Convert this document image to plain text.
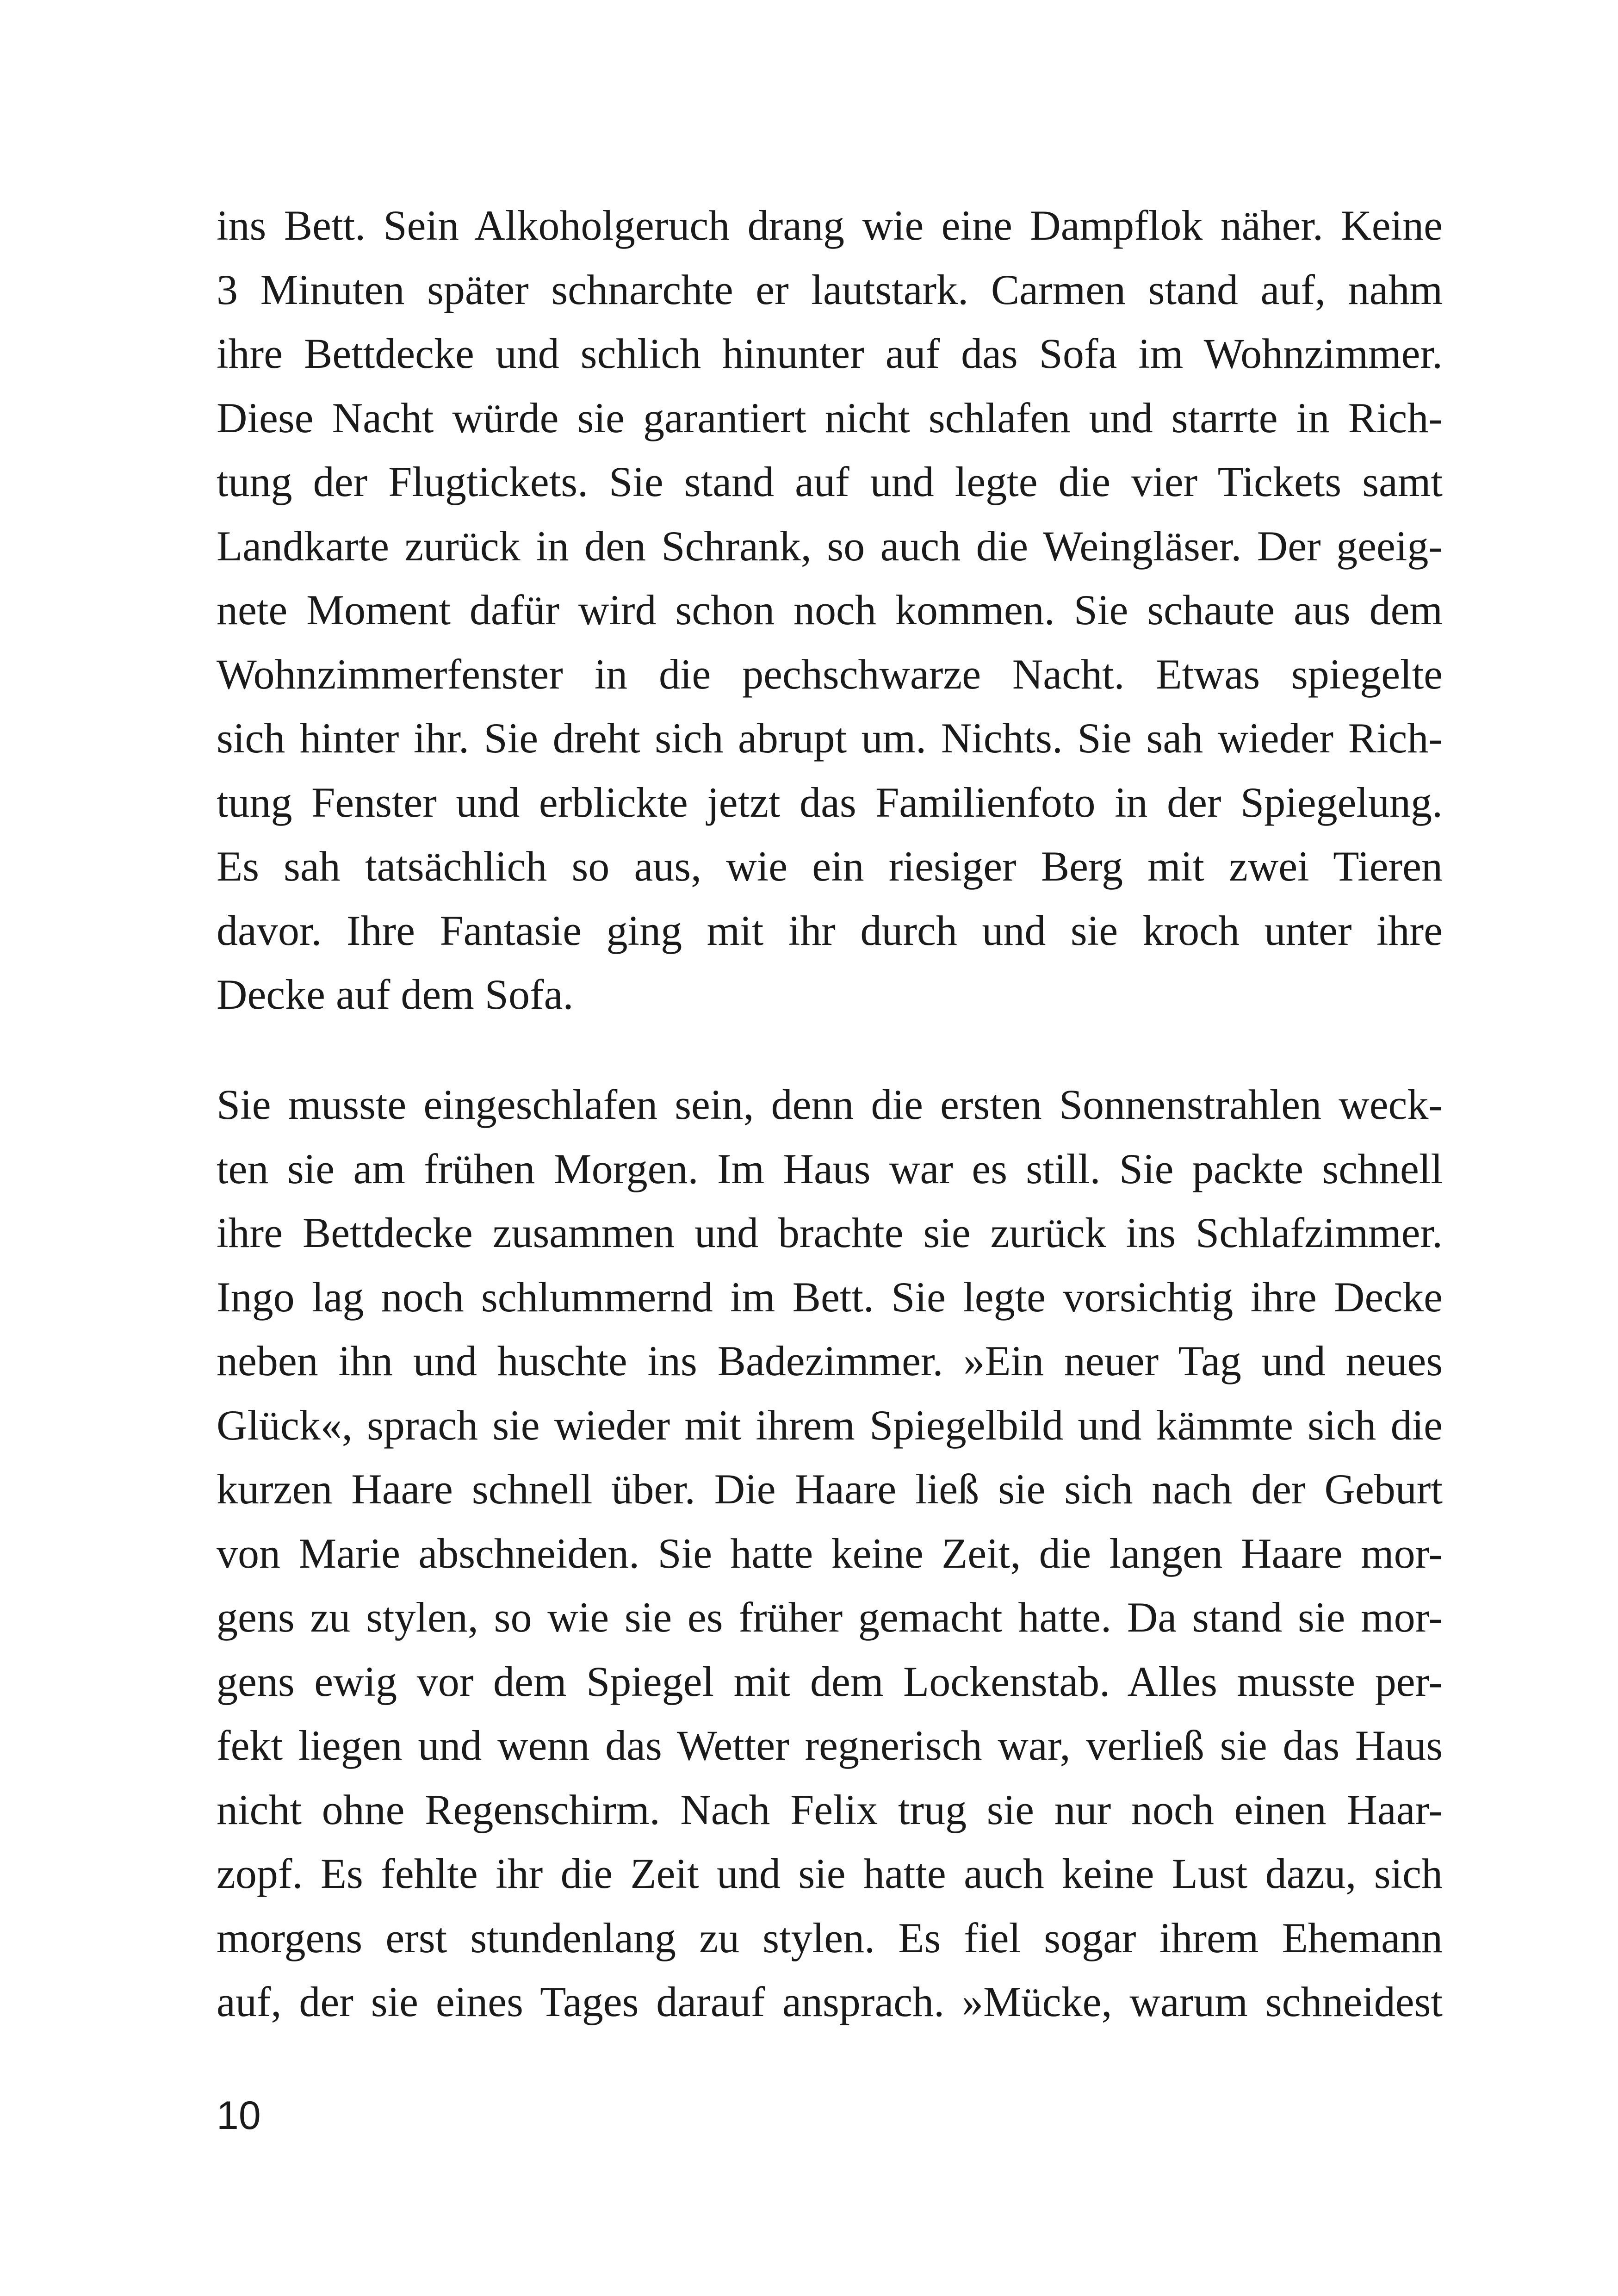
ins Bett. Sein Alkoholgeruch drang wie eine Dampflok näher. Keine
3 Minuten später schnarchte er lautstark. Carmen stand auf, nahm
ihre Bettdecke und schlich hinunter auf das Sofa im Wohnzimmer.
Diese Nacht würde sie garantiert nicht schlafen und starrte in Rich-
tung der Flugtickets. Sie stand auf und legte die vier Tickets samt
Landkarte zurück in den Schrank, so auch die Weingläser. Der geeig-
nete Moment dafür wird schon noch kommen. Sie schaute aus dem
Wohnzimmerfenster in die pechschwarze Nacht. Etwas spiegelte
sich hinter ihr. Sie dreht sich abrupt um. Nichts. Sie sah wieder Rich-
tung Fenster und erblickte jetzt das Familienfoto in der Spiegelung.
Es sah tatsächlich so aus, wie ein riesiger Berg mit zwei Tieren
davor. Ihre Fantasie ging mit ihr durch und sie kroch unter ihre
Decke auf dem Sofa.
Sie musste eingeschlafen sein, denn die ersten Sonnenstrahlen weck-
ten sie am frühen Morgen. Im Haus war es still. Sie packte schnell
ihre Bettdecke zusammen und brachte sie zurück ins Schlafzimmer.
Ingo lag noch schlummernd im Bett. Sie legte vorsichtig ihre Decke
neben ihn und huschte ins Badezimmer. »Ein neuer Tag und neues
Glück«, sprach sie wieder mit ihrem Spiegelbild und kämmte sich die
kurzen Haare schnell über. Die Haare ließ sie sich nach der Geburt
von Marie abschneiden. Sie hatte keine Zeit, die langen Haare mor-
gens zu stylen, so wie sie es früher gemacht hatte. Da stand sie mor-
gens ewig vor dem Spiegel mit dem Lockenstab. Alles musste per-
fekt liegen und wenn das Wetter regnerisch war, verließ sie das Haus
nicht ohne Regenschirm. Nach Felix trug sie nur noch einen Haar-
zopf. Es fehlte ihr die Zeit und sie hatte auch keine Lust dazu, sich
morgens erst stundenlang zu stylen. Es fiel sogar ihrem Ehemann
auf, der sie eines Tages darauf ansprach. »Mücke, warum schneidest
10
